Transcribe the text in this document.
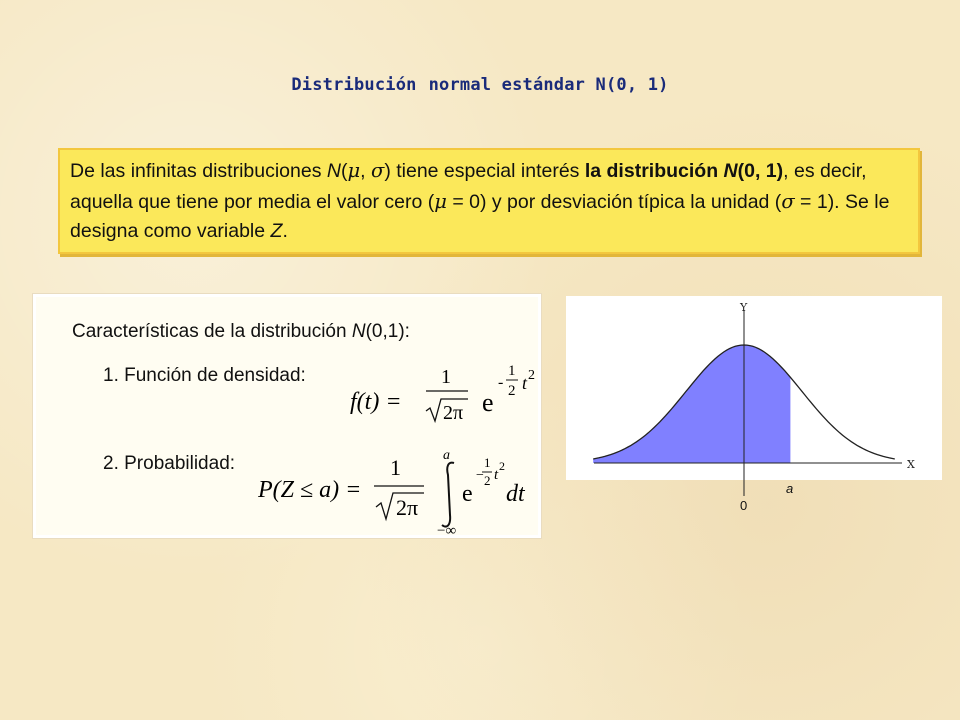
Distribución normal estándar N(0, 1)
De las infinitas distribuciones N(μ, σ) tiene especial interés la distribución N(0, 1), es decir, aquella que tiene por media el valor cero (μ = 0) y por desviación típica la unidad (σ = 1). Se le designa como variable Z.
Características de la distribución N(0,1):
1. Función de densidad:
2. Probabilidad:
f(t) =
1
2π e
-
1
2 t 2
P(Z ≤ a) =
1
2π
a
−∞
e
−
1
2 t
2
dt
Y
X
0
a
